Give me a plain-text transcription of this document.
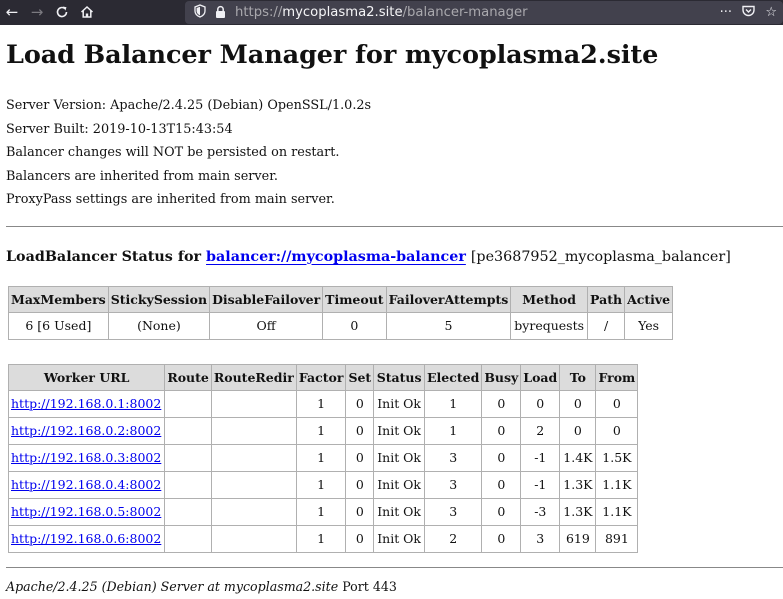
← →	https://mycoplasma2.site/balancer-manager	···	☆
Load Balancer Manager for mycoplasma2.site
Server Version: Apache/2.4.25 (Debian) OpenSSL/1.0.2s
Server Built: 2019-10-13T15:43:54
Balancer changes will NOT be persisted on restart.
Balancers are inherited from main server.
ProxyPass settings are inherited from main server.
LoadBalancer Status for balancer://mycoplasma-balancer [pe3687952_mycoplasma_balancer]
MaxMembers	StickySession	DisableFailover	Timeout	FailoverAttempts	Method	Path	Active
6 [6 Used]	(None)	Off	0	5	byrequests	/	Yes
Worker URL	Route	RouteRedir	Factor	Set	Status	Elected	Busy	Load	To	From
http://192.168.0.1:8002			1	0	Init Ok	1	0	0	0	0
http://192.168.0.2:8002			1	0	Init Ok	1	0	2	0	0
http://192.168.0.3:8002			1	0	Init Ok	3	0	-1	1.4K	1.5K
http://192.168.0.4:8002			1	0	Init Ok	3	0	-1	1.3K	1.1K
http://192.168.0.5:8002			1	0	Init Ok	3	0	-3	1.3K	1.1K
http://192.168.0.6:8002			1	0	Init Ok	2	0	3	619	891
Apache/2.4.25 (Debian) Server at mycoplasma2.site Port 443
